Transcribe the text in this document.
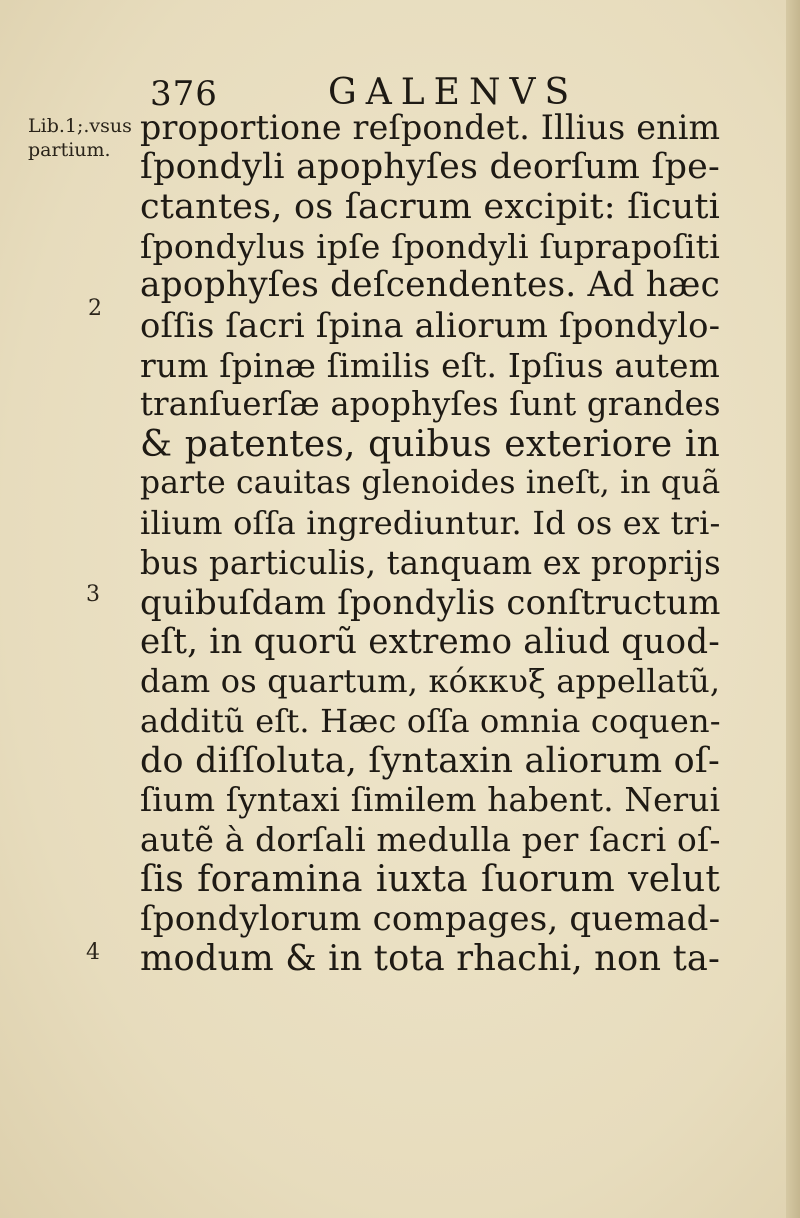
376	GALENVS
Lib.1;.vsus
partium.
2
3
4
proportione reſpondet. Illius enim
ſpondyli apophyſes deorſum ſpe-
ctantes, os ſacrum excipit: ſicuti
ſpondylus ipſe ſpondyli ſuprapoſiti
apophyſes deſcendentes. Ad hæc
oſſis ſacri ſpina aliorum ſpondylo-
rum ſpinæ ſimilis eſt. Ipſius autem
tranſuerſæ apophyſes ſunt grandes
& patentes, quibus exteriore in
parte cauitas glenoides ineſt, in quã
ilium oſſa ingrediuntur. Id os ex tri-
bus particulis, tanquam ex proprijs
quibuſdam ſpondylis conſtructum
eſt, in quorũ extremo aliud quod-
dam os quartum, κόκκυξ appellatũ,
additũ eſt. Hæc oſſa omnia coquen-
do diſſoluta, ſyntaxin aliorum oſ-
ſium ſyntaxi ſimilem habent. Nerui
autẽ à dorſali medulla per ſacri oſ-
ſis foramina iuxta ſuorum velut
ſpondylorum compages, quemad-
modum & in tota rhachi, non ta-
